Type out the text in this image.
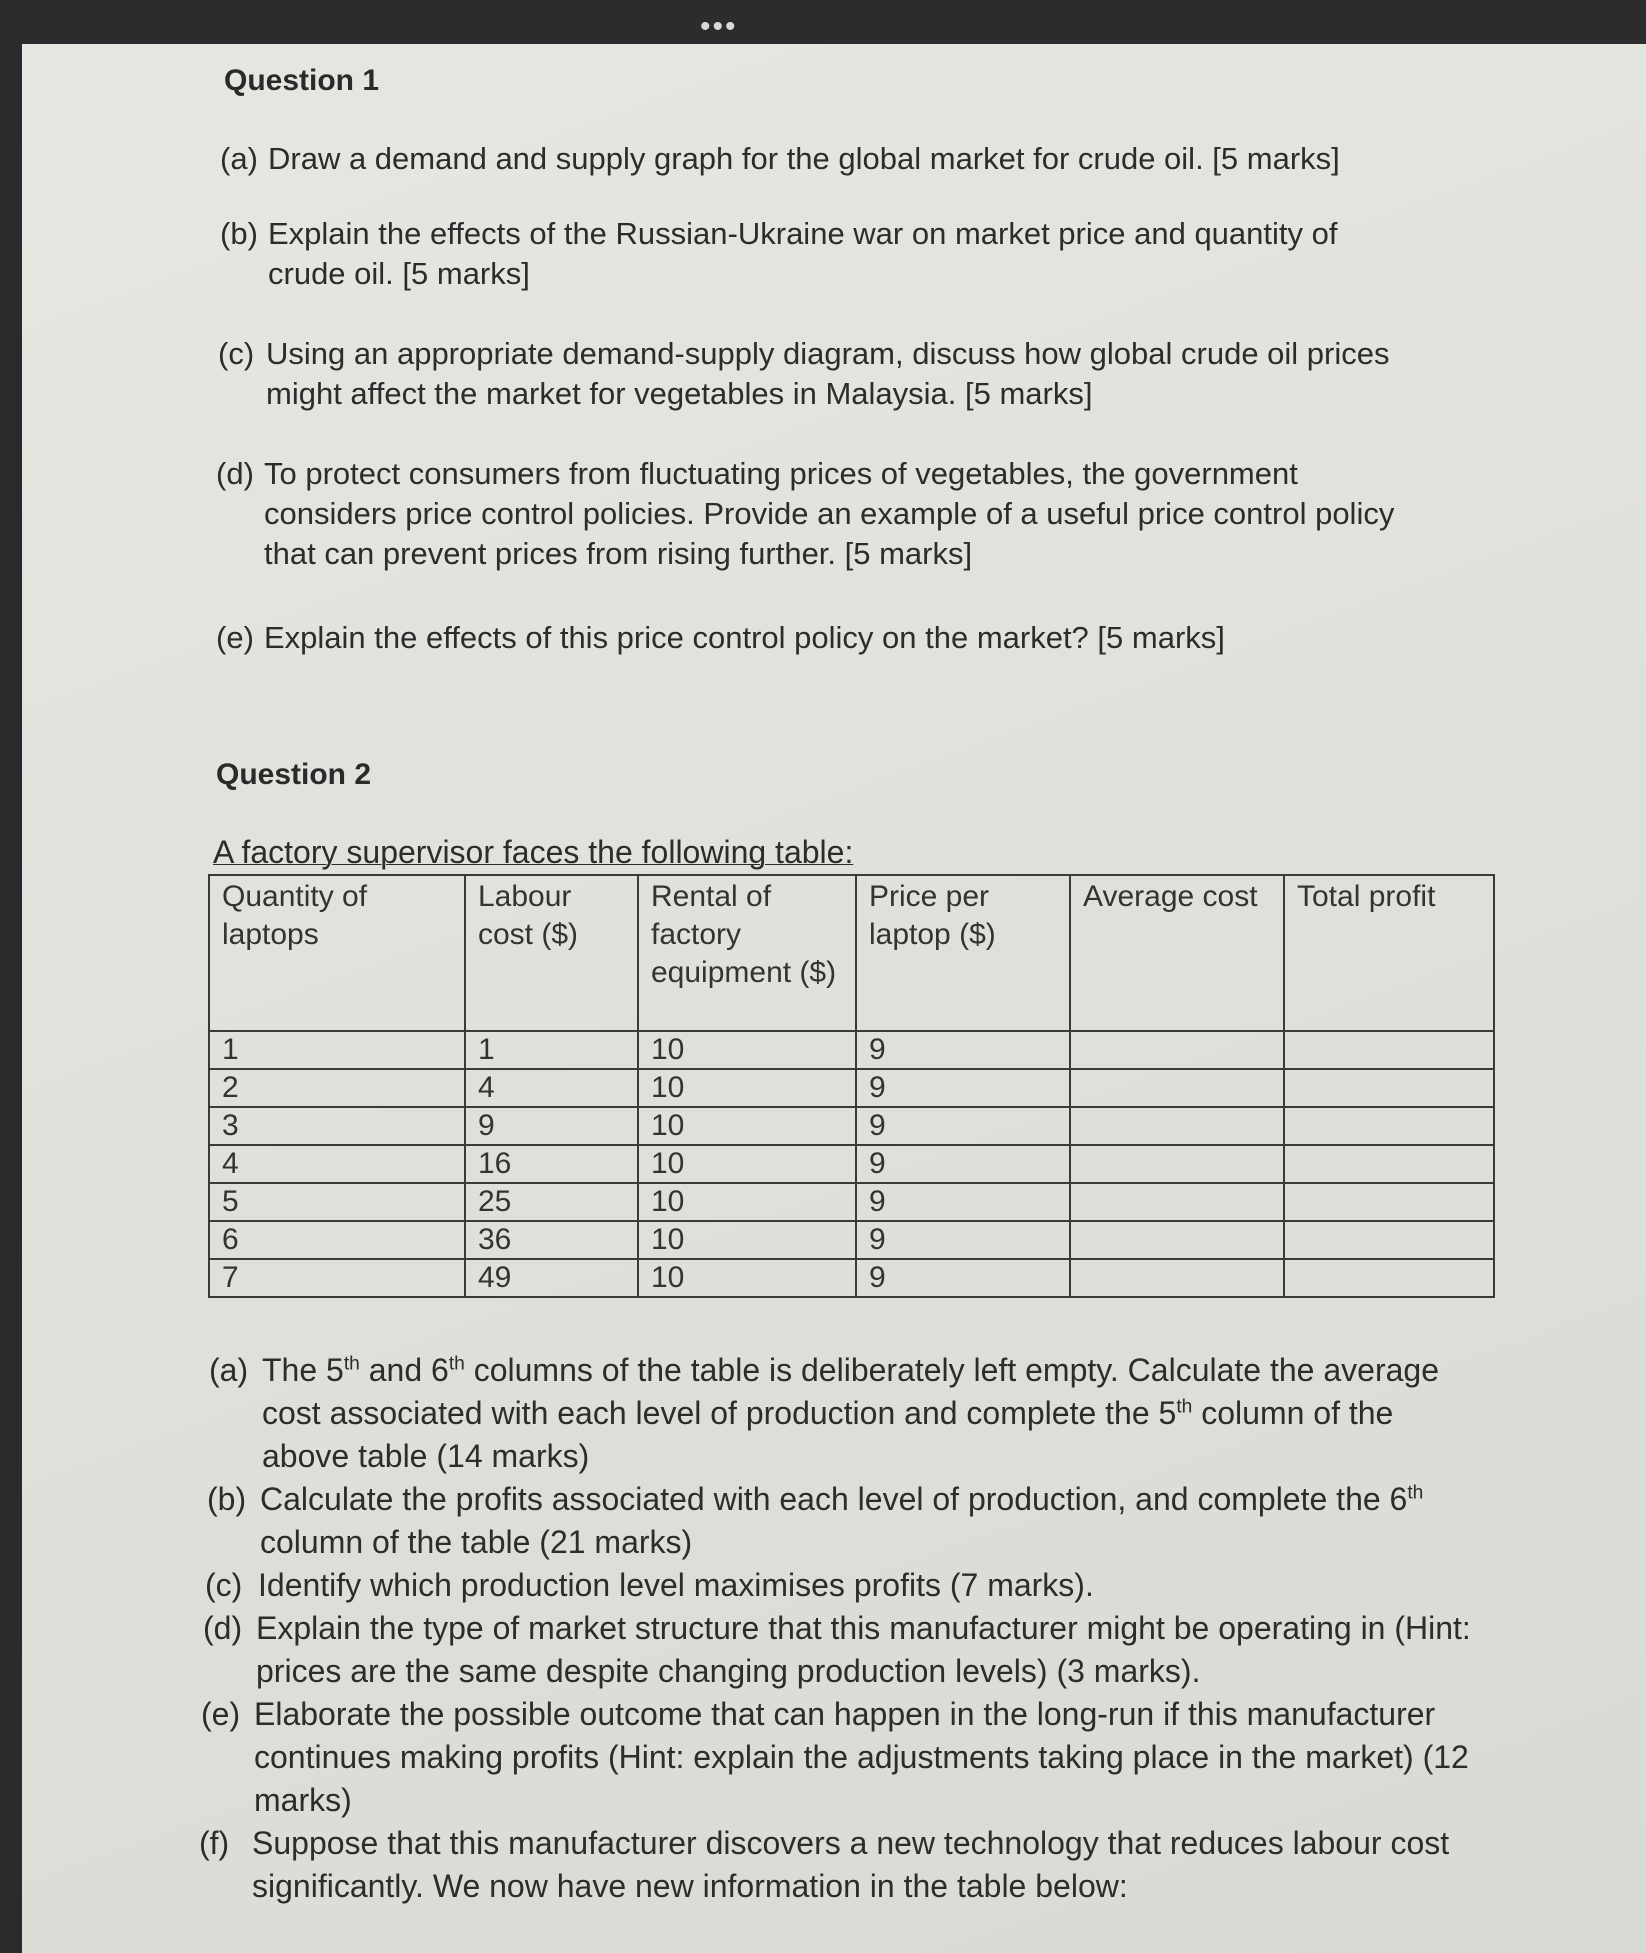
•••
Question 1
(a) Draw a demand and supply graph for the global market for crude oil. [5 marks]
(b) Explain the effects of the Russian-Ukraine war on market price and quantity of crude oil. [5 marks]
(c) Using an appropriate demand-supply diagram, discuss how global crude oil prices might affect the market for vegetables in Malaysia. [5 marks]
(d) To protect consumers from fluctuating prices of vegetables, the government considers price control policies. Provide an example of a useful price control policy that can prevent prices from rising further. [5 marks]
(e) Explain the effects of this price control policy on the market? [5 marks]
Question 2
A factory supervisor faces the following table:
Quantity of laptops	Labour cost ($)	Rental of factory equipment ($)	Price per laptop ($)	Average cost	Total profit
1	1	10	9		
2	4	10	9		
3	9	10	9		
4	16	10	9		
5	25	10	9		
6	36	10	9		
7	49	10	9		
(a) The 5th and 6th columns of the table is deliberately left empty. Calculate the average cost associated with each level of production and complete the 5th column of the above table (14 marks)
(b) Calculate the profits associated with each level of production, and complete the 6th column of the table (21 marks)
(c) Identify which production level maximises profits (7 marks).
(d) Explain the type of market structure that this manufacturer might be operating in (Hint: prices are the same despite changing production levels) (3 marks).
(e) Elaborate the possible outcome that can happen in the long-run if this manufacturer continues making profits (Hint: explain the adjustments taking place in the market) (12 marks)
(f) Suppose that this manufacturer discovers a new technology that reduces labour cost significantly. We now have new information in the table below:
